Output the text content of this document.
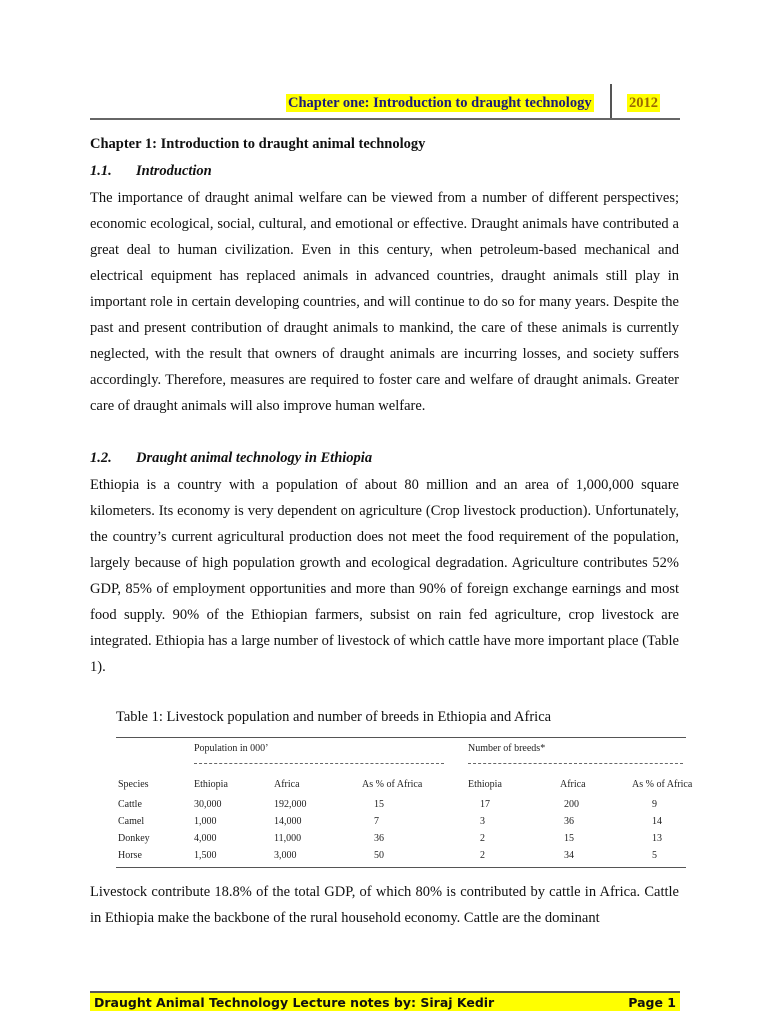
Chapter one: Introduction to draught technology	2012
Chapter 1: Introduction to draught animal technology
1.1.	Introduction
The importance of draught animal welfare can be viewed from a number of different perspectives; economic ecological, social, cultural, and emotional or effective. Draught animals have contributed a great deal to human civilization. Even in this century, when petroleum-based mechanical and electrical equipment has replaced animals in advanced countries, draught animals still play in important role in certain developing countries, and will continue to do so for many years. Despite the past and present contribution of draught animals to mankind, the care of these animals is currently neglected, with the result that owners of draught animals are incurring losses, and society suffers accordingly. Therefore, measures are required to foster care and welfare of draught animals. Greater care of draught animals will also improve human welfare.
1.2.	Draught animal technology in Ethiopia
Ethiopia is a country with a population of about 80 million and an area of 1,000,000 square kilometers. Its economy is very dependent on agriculture (Crop livestock production). Unfortunately, the country’s current agricultural production does not meet the food requirement of the population, largely because of high population growth and ecological degradation. Agriculture contributes 52% GDP, 85% of employment opportunities and more than 90% of foreign exchange earnings and most food supply. 90% of the Ethiopian farmers, subsist on rain fed agriculture, crop livestock are integrated. Ethiopia has a large number of livestock of which cattle have more important place (Table 1).
Table 1: Livestock population and number of breeds in Ethiopia and Africa
Population in 000’	Number of breeds*
Species	Ethiopia	Africa	As % of Africa	Ethiopia	Africa	As % of Africa
Cattle	30,000	192,000	15	17	200	9
Camel	1,000	14,000	7	3	36	14
Donkey	4,000	11,000	36	2	15	13
Horse	1,500	3,000	50	2	34	5
Livestock contribute 18.8% of the total GDP, of which 80% is contributed by cattle in Africa. Cattle in Ethiopia make the backbone of the rural household economy. Cattle are the dominant
Draught Animal Technology Lecture notes by: Siraj Kedir	Page 1
